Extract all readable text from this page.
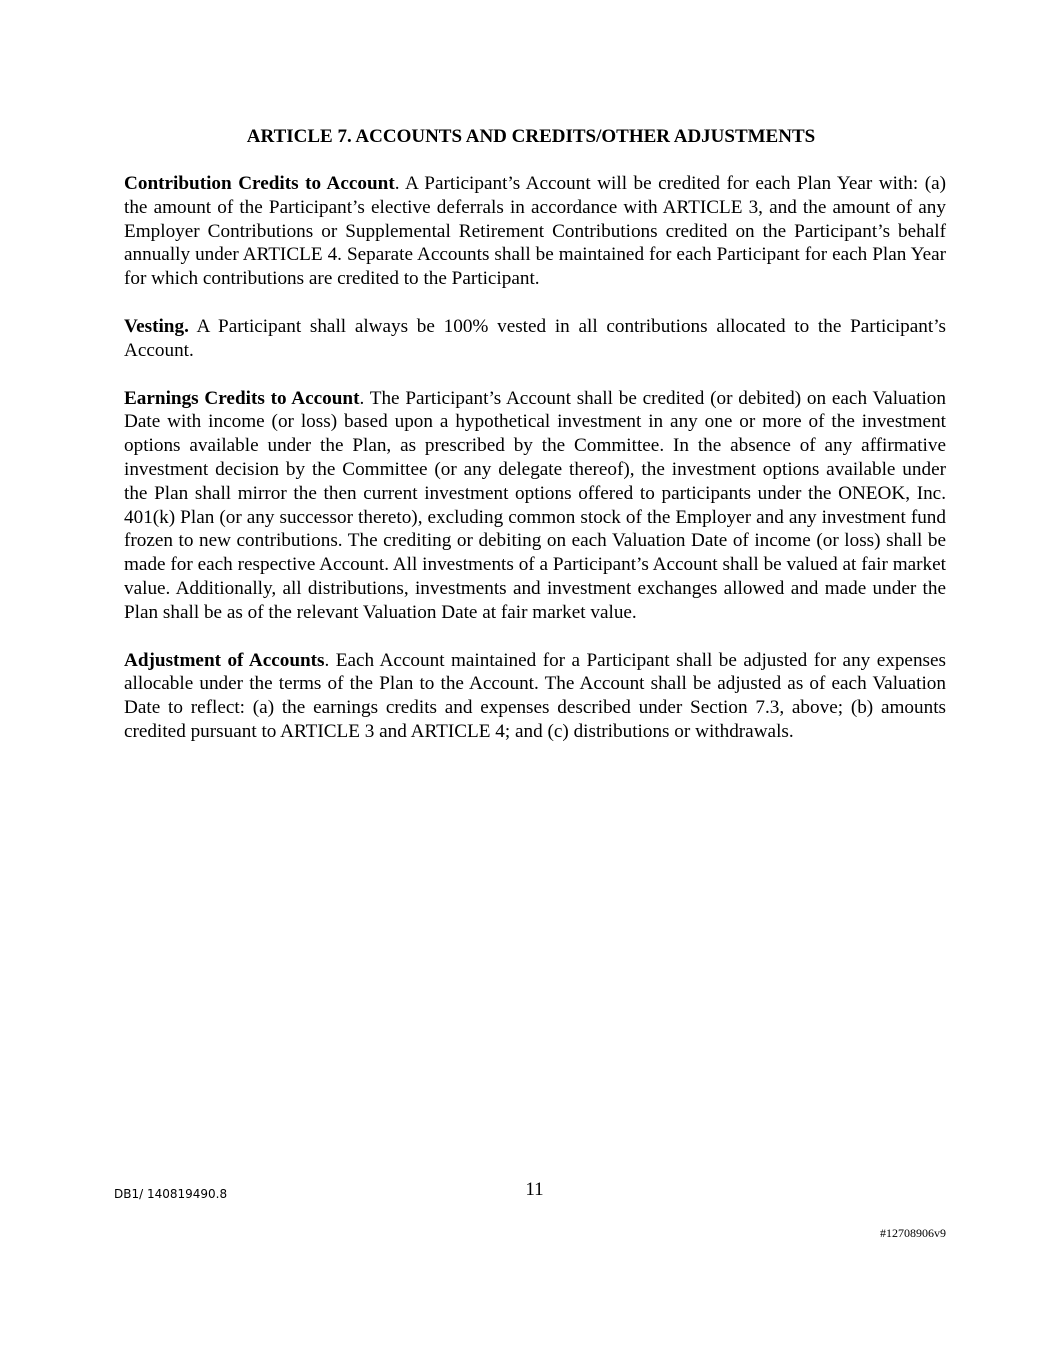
ARTICLE 7. ACCOUNTS AND CREDITS/OTHER ADJUSTMENTS

Contribution Credits to Account. A Participant’s Account will be credited for each Plan Year with: (a) the amount of the Participant’s elective deferrals in accordance with ARTICLE 3, and the amount of any Employer Contributions or Supplemental Retirement Contributions credited on the Participant’s behalf annually under ARTICLE 4. Separate Accounts shall be maintained for each Participant for each Plan Year for which contributions are credited to the Participant.

Vesting. A Participant shall always be 100% vested in all contributions allocated to the Participant’s Account.

Earnings Credits to Account. The Participant’s Account shall be credited (or debited) on each Valuation Date with income (or loss) based upon a hypothetical investment in any one or more of the investment options available under the Plan, as prescribed by the Committee. In the absence of any affirmative investment decision by the Committee (or any delegate thereof), the investment options available under the Plan shall mirror the then current investment options offered to participants under the ONEOK, Inc. 401(k) Plan (or any successor thereto), excluding common stock of the Employer and any investment fund frozen to new contributions. The crediting or debiting on each Valuation Date of income (or loss) shall be made for each respective Account. All investments of a Participant’s Account shall be valued at fair market value. Additionally, all distributions, investments and investment exchanges allowed and made under the Plan shall be as of the relevant Valuation Date at fair market value.

Adjustment of Accounts. Each Account maintained for a Participant shall be adjusted for any expenses allocable under the terms of the Plan to the Account. The Account shall be adjusted as of each Valuation Date to reflect: (a) the earnings credits and expenses described under Section 7.3, above; (b) amounts credited pursuant to ARTICLE 3 and ARTICLE 4; and (c) distributions or withdrawals.

DB1/ 140819490.8	11
#12708906v9
